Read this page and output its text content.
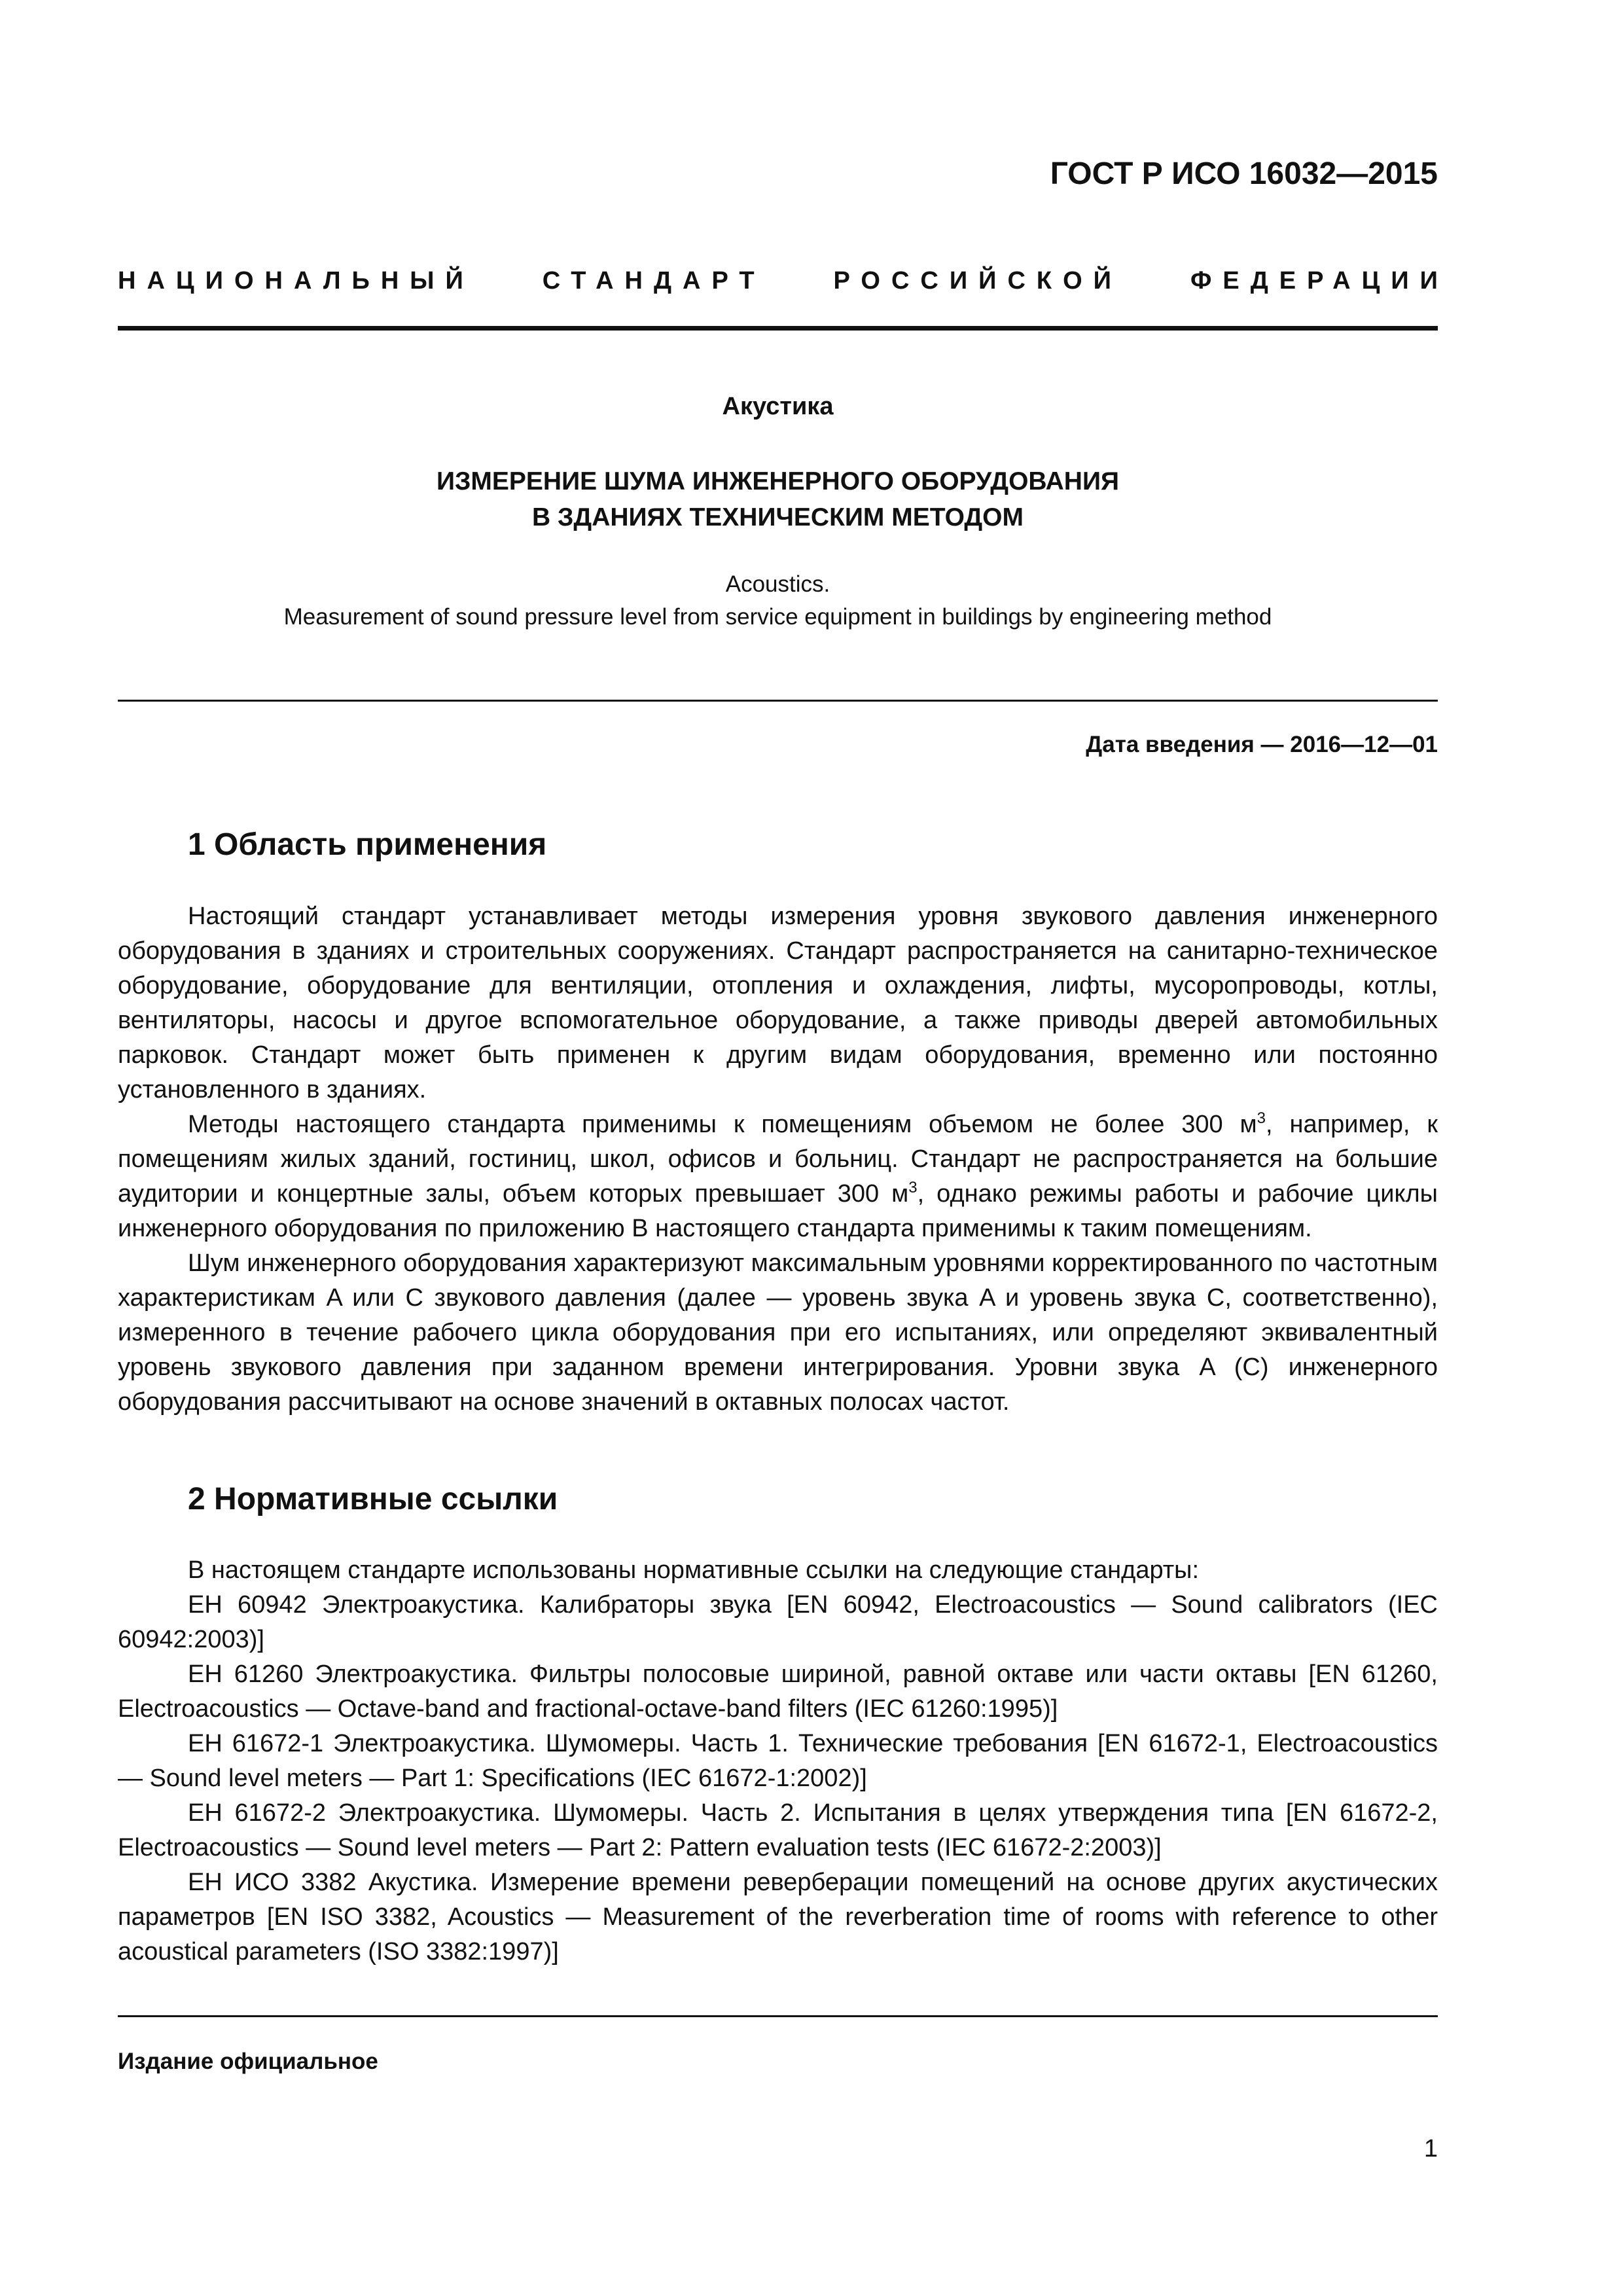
ГОСТ Р ИСО 16032—2015
НАЦИОНАЛЬНЫЙ	СТАНДАРТ	РОССИЙСКОЙ	ФЕДЕРАЦИИ
Акустика
ИЗМЕРЕНИЕ ШУМА ИНЖЕНЕРНОГО ОБОРУДОВАНИЯ
В ЗДАНИЯХ ТЕХНИЧЕСКИМ МЕТОДОМ
Acoustics.
Measurement of sound pressure level from service equipment in buildings by engineering method
Дата введения — 2016—12—01
1 Область применения

Настоящий стандарт устанавливает методы измерения уровня звукового давления инженерного оборудования в зданиях и строительных сооружениях. Стандарт распространяется на санитарно-техническое оборудование, оборудование для вентиляции, отопления и охлаждения, лифты, мусоропроводы, котлы, вентиляторы, насосы и другое вспомогательное оборудование, а также приводы дверей автомобильных парковок. Стандарт может быть применен к другим видам оборудования, временно или постоянно установленного в зданиях.

Методы настоящего стандарта применимы к помещениям объемом не более 300 $м^3$, например, к помещениям жилых зданий, гостиниц, школ, офисов и больниц. Стандарт не распространяется на большие аудитории и концертные залы, объем которых превышает 300 $м^3$, однако режимы работы и рабочие циклы инженерного оборудования по приложению В настоящего стандарта применимы к таким помещениям.

Шум инженерного оборудования характеризуют максимальным уровнями корректированного по частотным характеристикам A или C звукового давления (далее — уровень звука A и уровень звука C, соответственно), измеренного в течение рабочего цикла оборудования при его испытаниях, или определяют эквивалентный уровень звукового давления при заданном времени интегрирования. Уровни звука A (C) инженерного оборудования рассчитывают на основе значений в октавных полосах частот.

2 Нормативные ссылки

В настоящем стандарте использованы нормативные ссылки на следующие стандарты:

ЕН 60942 Электроакустика. Калибраторы звука [EN 60942, Electroacoustics — Sound calibrators (IEC 60942:2003)]

ЕН 61260 Электроакустика. Фильтры полосовые шириной, равной октаве или части октавы [EN 61260, Electroacoustics — Octave-band and fractional-octave-band filters (IEC 61260:1995)]

ЕН 61672-1 Электроакустика. Шумомеры. Часть 1. Технические требования [EN 61672-1, Electroacoustics — Sound level meters — Part 1: Specifications (IEC 61672-1:2002)]

ЕН 61672-2 Электроакустика. Шумомеры. Часть 2. Испытания в целях утверждения типа [EN 61672-2, Electroacoustics — Sound level meters — Part 2: Pattern evaluation tests (IEC 61672-2:2003)]

ЕН ИСО 3382 Акустика. Измерение времени реверберации помещений на основе других акустических параметров [EN ISO 3382, Acoustics — Measurement of the reverberation time of rooms with reference to other acoustical parameters (ISO 3382:1997)]

Издание официальное
1
